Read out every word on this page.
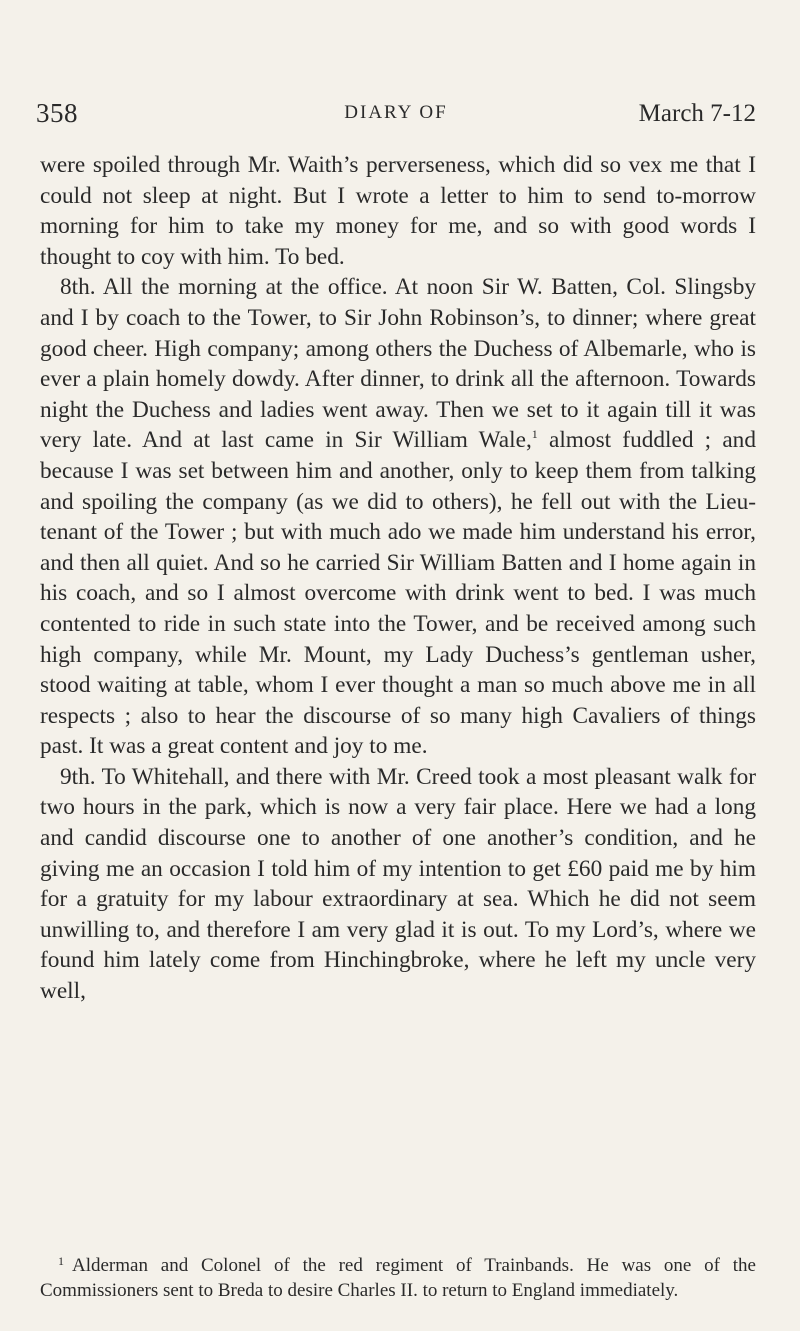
358	DIARY OF	March 7-12

were spoiled through Mr. Waith’s perverseness, which did so vex me that I could not sleep at night. But I wrote a letter to him to send to-morrow morning for him to take my money for me, and so with good words I thought to coy with him. To bed.

8th. All the morning at the office. At noon Sir W. Batten, Col. Slingsby and I by coach to the Tower, to Sir John Robinson’s, to dinner; where great good cheer. High company; among others the Duchess of Albemarle, who is ever a plain homely dowdy. After dinner, to drink all the afternoon. Towards night the Duchess and ladies went away. Then we set to it again till it was very late. And at last came in Sir William Wale,$^1$ almost fuddled ; and because I was set between him and another, only to keep them from talking and spoiling the company (as we did to others), he fell out with the Lieutenant of the Tower ; but with much ado we made him understand his error, and then all quiet. And so he carried Sir William Batten and I home again in his coach, and so I almost overcome with drink went to bed. I was much contented to ride in such state into the Tower, and be received among such high company, while Mr. Mount, my Lady Duchess’s gentleman usher, stood waiting at table, whom I ever thought a man so much above me in all respects ; also to hear the discourse of so many high Cavaliers of things past. It was a great content and joy to me.

9th. To Whitehall, and there with Mr. Creed took a most pleasant walk for two hours in the park, which is now a very fair place. Here we had a long and candid discourse one to another of one another’s condition, and he giving me an occasion I told him of my intention to get £60 paid me by him for a gratuity for my labour extraordinary at sea. Which he did not seem unwilling to, and therefore I am very glad it is out. To my Lord’s, where we found him lately come from Hinchingbroke, where he left my uncle very well,

$^1$ Alderman and Colonel of the red regiment of Trainbands. He was one of the Commissioners sent to Breda to desire Charles II. to return to England immediately.
